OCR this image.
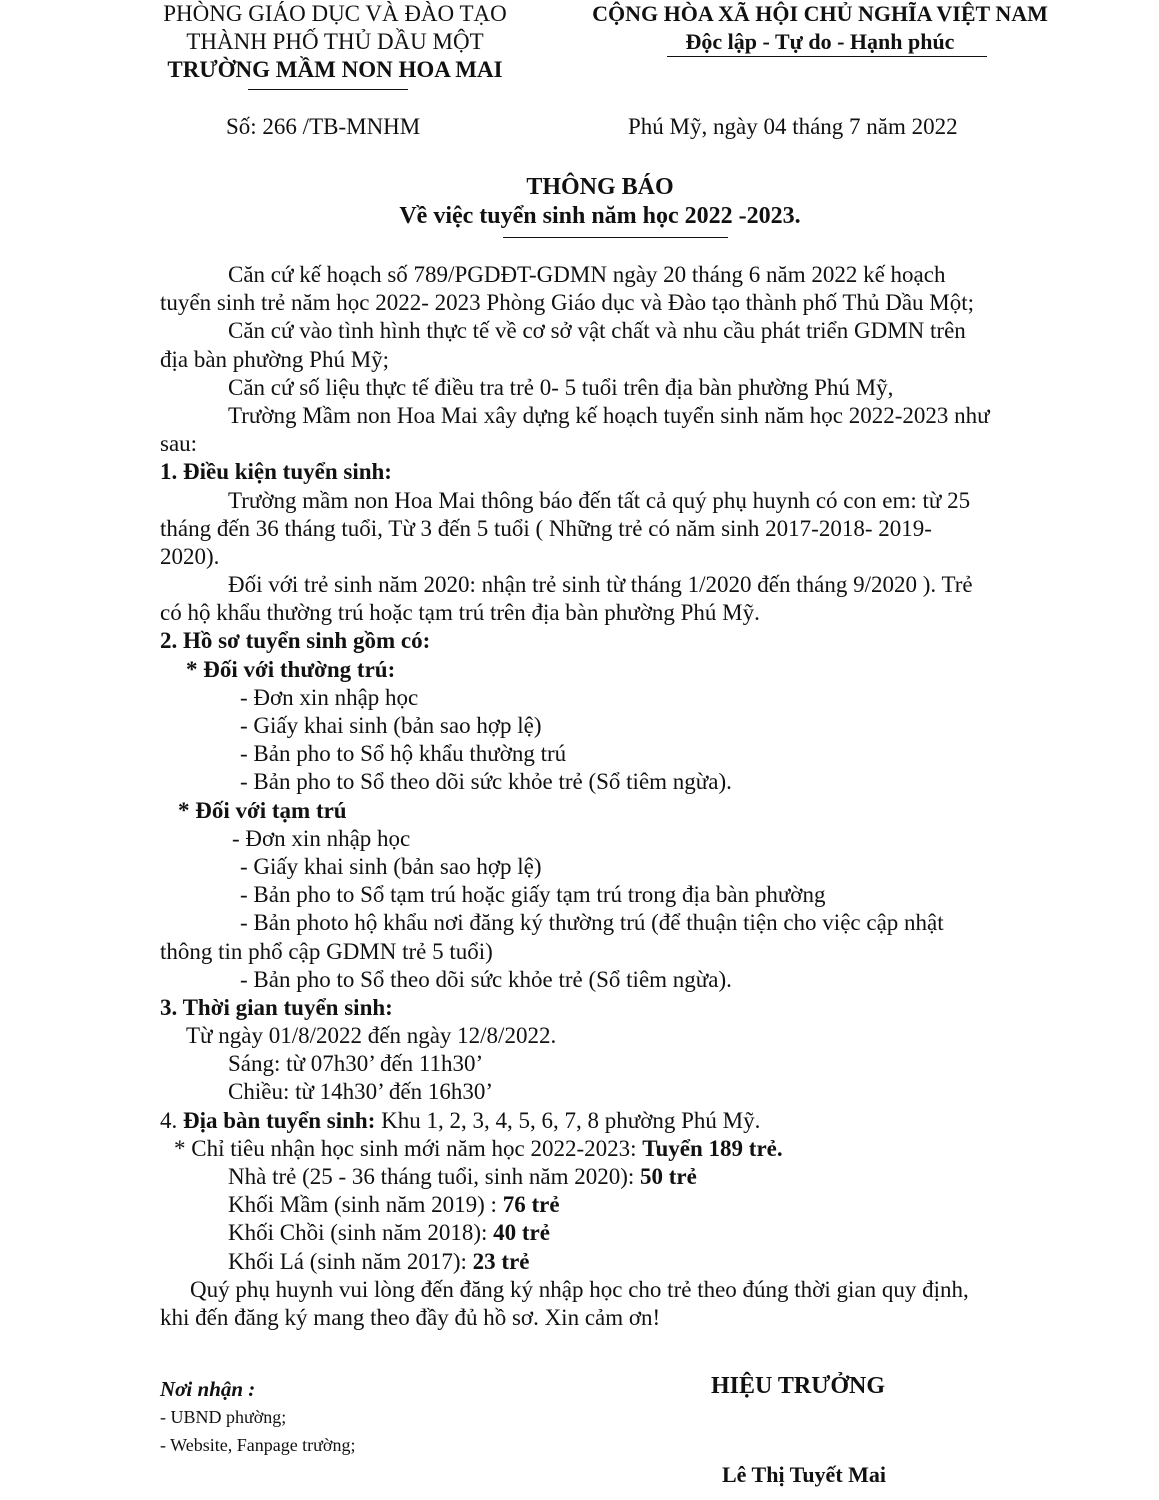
PHÒNG GIÁO DỤC VÀ ĐÀO TẠO
THÀNH PHỐ THỦ DẦU MỘT
TRƯỜNG MẦM NON HOA MAI
CỘNG HÒA XÃ HỘI CHỦ NGHĨA VIỆT NAM
Độc lập - Tự do - Hạnh phúc
Số: 266 /TB-MNHM	Phú Mỹ, ngày 04 tháng 7 năm 2022
THÔNG BÁO
Về việc tuyển sinh năm học 2022 -2023.
Căn cứ kế hoạch số 789/PGDĐT-GDMN ngày 20 tháng 6 năm 2022 kế hoạch
tuyển sinh trẻ năm học 2022- 2023 Phòng Giáo dục và Đào tạo thành phố Thủ Dầu Một;
Căn cứ vào tình hình thực tế về cơ sở vật chất và nhu cầu phát triển GDMN trên
địa bàn phường Phú Mỹ;
Căn cứ số liệu thực tế điều tra trẻ 0- 5 tuổi trên địa bàn phường Phú Mỹ,
Trường Mầm non Hoa Mai xây dựng kế hoạch tuyển sinh năm học 2022-2023 như
sau:
1. Điều kiện tuyển sinh:
Trường mầm non Hoa Mai thông báo đến tất cả quý phụ huynh có con em: từ 25
tháng đến 36 tháng tuổi, Từ 3 đến 5 tuổi ( Những trẻ có năm sinh 2017-2018- 2019-
2020).
Đối với trẻ sinh năm 2020: nhận trẻ sinh từ tháng 1/2020 đến tháng 9/2020 ). Trẻ
có hộ khẩu thường trú hoặc tạm trú trên địa bàn phường Phú Mỹ.
2. Hồ sơ tuyển sinh gồm có:
* Đối với thường trú:
- Đơn xin nhập học
- Giấy khai sinh (bản sao hợp lệ)
- Bản pho to Sổ hộ khẩu thường trú
- Bản pho to Sổ theo dõi sức khỏe trẻ (Sổ tiêm ngừa).
* Đối với tạm trú
- Đơn xin nhập học
- Giấy khai sinh (bản sao hợp lệ)
- Bản pho to Sổ tạm trú hoặc giấy tạm trú trong địa bàn phường
- Bản photo hộ khẩu nơi đăng ký thường trú (để thuận tiện cho việc cập nhật
thông tin phổ cập GDMN trẻ 5 tuổi)
- Bản pho to Sổ theo dõi sức khỏe trẻ (Sổ tiêm ngừa).
3. Thời gian tuyển sinh:
Từ ngày 01/8/2022 đến ngày 12/8/2022.
Sáng: từ 07h30’ đến 11h30’
Chiều: từ 14h30’ đến 16h30’
4. Địa bàn tuyển sinh: Khu 1, 2, 3, 4, 5, 6, 7, 8 phường Phú Mỹ.
* Chỉ tiêu nhận học sinh mới năm học 2022-2023: Tuyển 189 trẻ.
Nhà trẻ (25 - 36 tháng tuổi, sinh năm 2020): 50 trẻ
Khối Mầm (sinh năm 2019) : 76 trẻ
Khối Chồi (sinh năm 2018): 40 trẻ
Khối Lá (sinh năm 2017): 23 trẻ
Quý phụ huynh vui lòng đến đăng ký nhập học cho trẻ theo đúng thời gian quy định,
khi đến đăng ký mang theo đầy đủ hồ sơ. Xin cảm ơn!
Nơi nhận :
- UBND phường;
- Website, Fanpage trường;
HIỆU TRƯỞNG
Lê Thị Tuyết Mai
